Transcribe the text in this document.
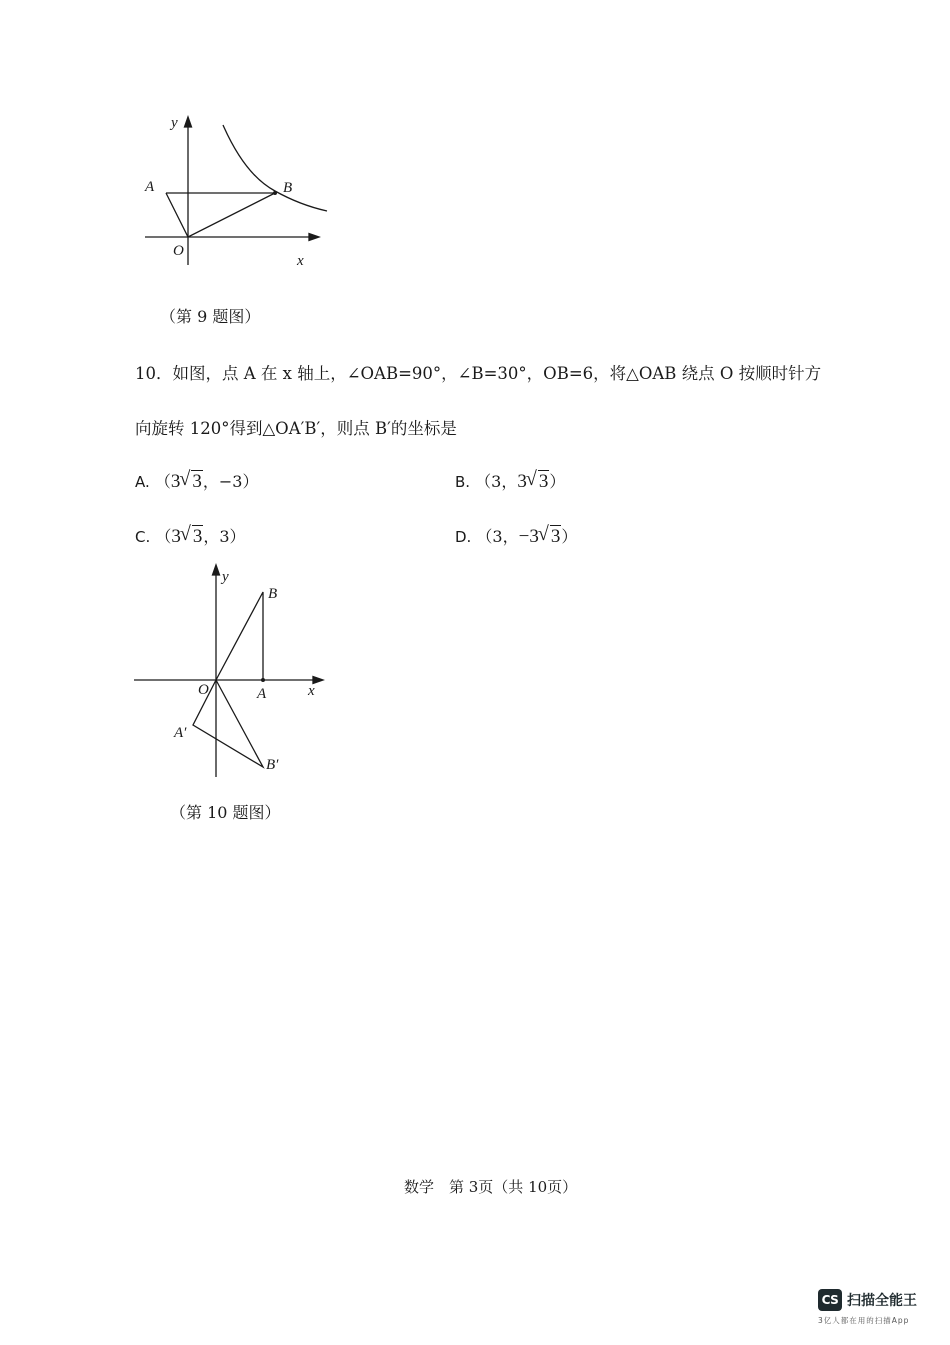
y
x
A	B
O
（第 9 题图）
10．如图，点 A 在 x 轴上，∠OAB=90°，∠B=30°，OB=6，将△OAB 绕点 O 按顺时针方
向旋转 120°得到△OA′B′，则点 B′的坐标是
A. （3 √ 3，−3）	B. （3，3 √ 3）
C. （3 √ 3，3）	D. （3，−3 √ 3）
y
x
B
A
O
A′
B′
（第 10 题图）
数学　第 3页（共 10页）
CS 扫描全能王
3亿人都在用的扫描App
